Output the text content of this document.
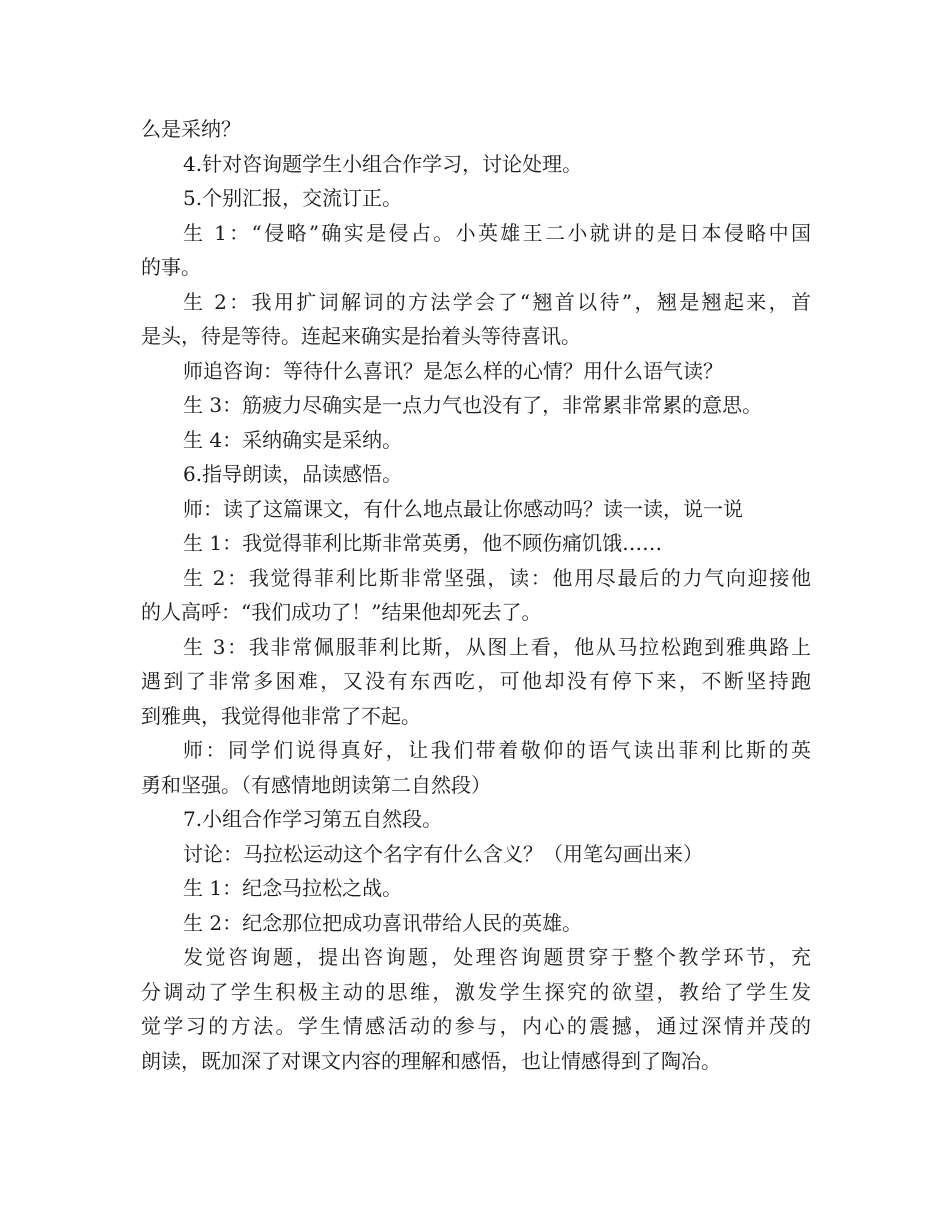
么是采纳？
4.针对咨询题学生小组合作学习，讨论处理。
5.个别汇报，交流订正。
生 1：“侵略”确实是侵占。小英雄王二小就讲的是日本侵略中国
的事。
生 2：我用扩词解词的方法学会了“翘首以待”，翘是翘起来，首
是头，待是等待。连起来确实是抬着头等待喜讯。
师追咨询：等待什么喜讯？是怎么样的心情？用什么语气读？
生 3：筋疲力尽确实是一点力气也没有了，非常累非常累的意思。
生 4：采纳确实是采纳。
6.指导朗读，品读感悟。
师：读了这篇课文，有什么地点最让你感动吗？读一读，说一说
生 1：我觉得菲利比斯非常英勇，他不顾伤痛饥饿……
生 2：我觉得菲利比斯非常坚强，读：他用尽最后的力气向迎接他
的人高呼：“我们成功了！”结果他却死去了。
生 3：我非常佩服菲利比斯，从图上看，他从马拉松跑到雅典路上
遇到了非常多困难，又没有东西吃，可他却没有停下来，不断坚持跑
到雅典，我觉得他非常了不起。
师：同学们说得真好，让我们带着敬仰的语气读出菲利比斯的英
勇和坚强。（有感情地朗读第二自然段）
7.小组合作学习第五自然段。
讨论：马拉松运动这个名字有什么含义？（用笔勾画出来）
生 1：纪念马拉松之战。
生 2：纪念那位把成功喜讯带给人民的英雄。
发觉咨询题，提出咨询题，处理咨询题贯穿于整个教学环节，充
分调动了学生积极主动的思维，激发学生探究的欲望，教给了学生发
觉学习的方法。学生情感活动的参与，内心的震撼，通过深情并茂的
朗读，既加深了对课文内容的理解和感悟，也让情感得到了陶冶。
